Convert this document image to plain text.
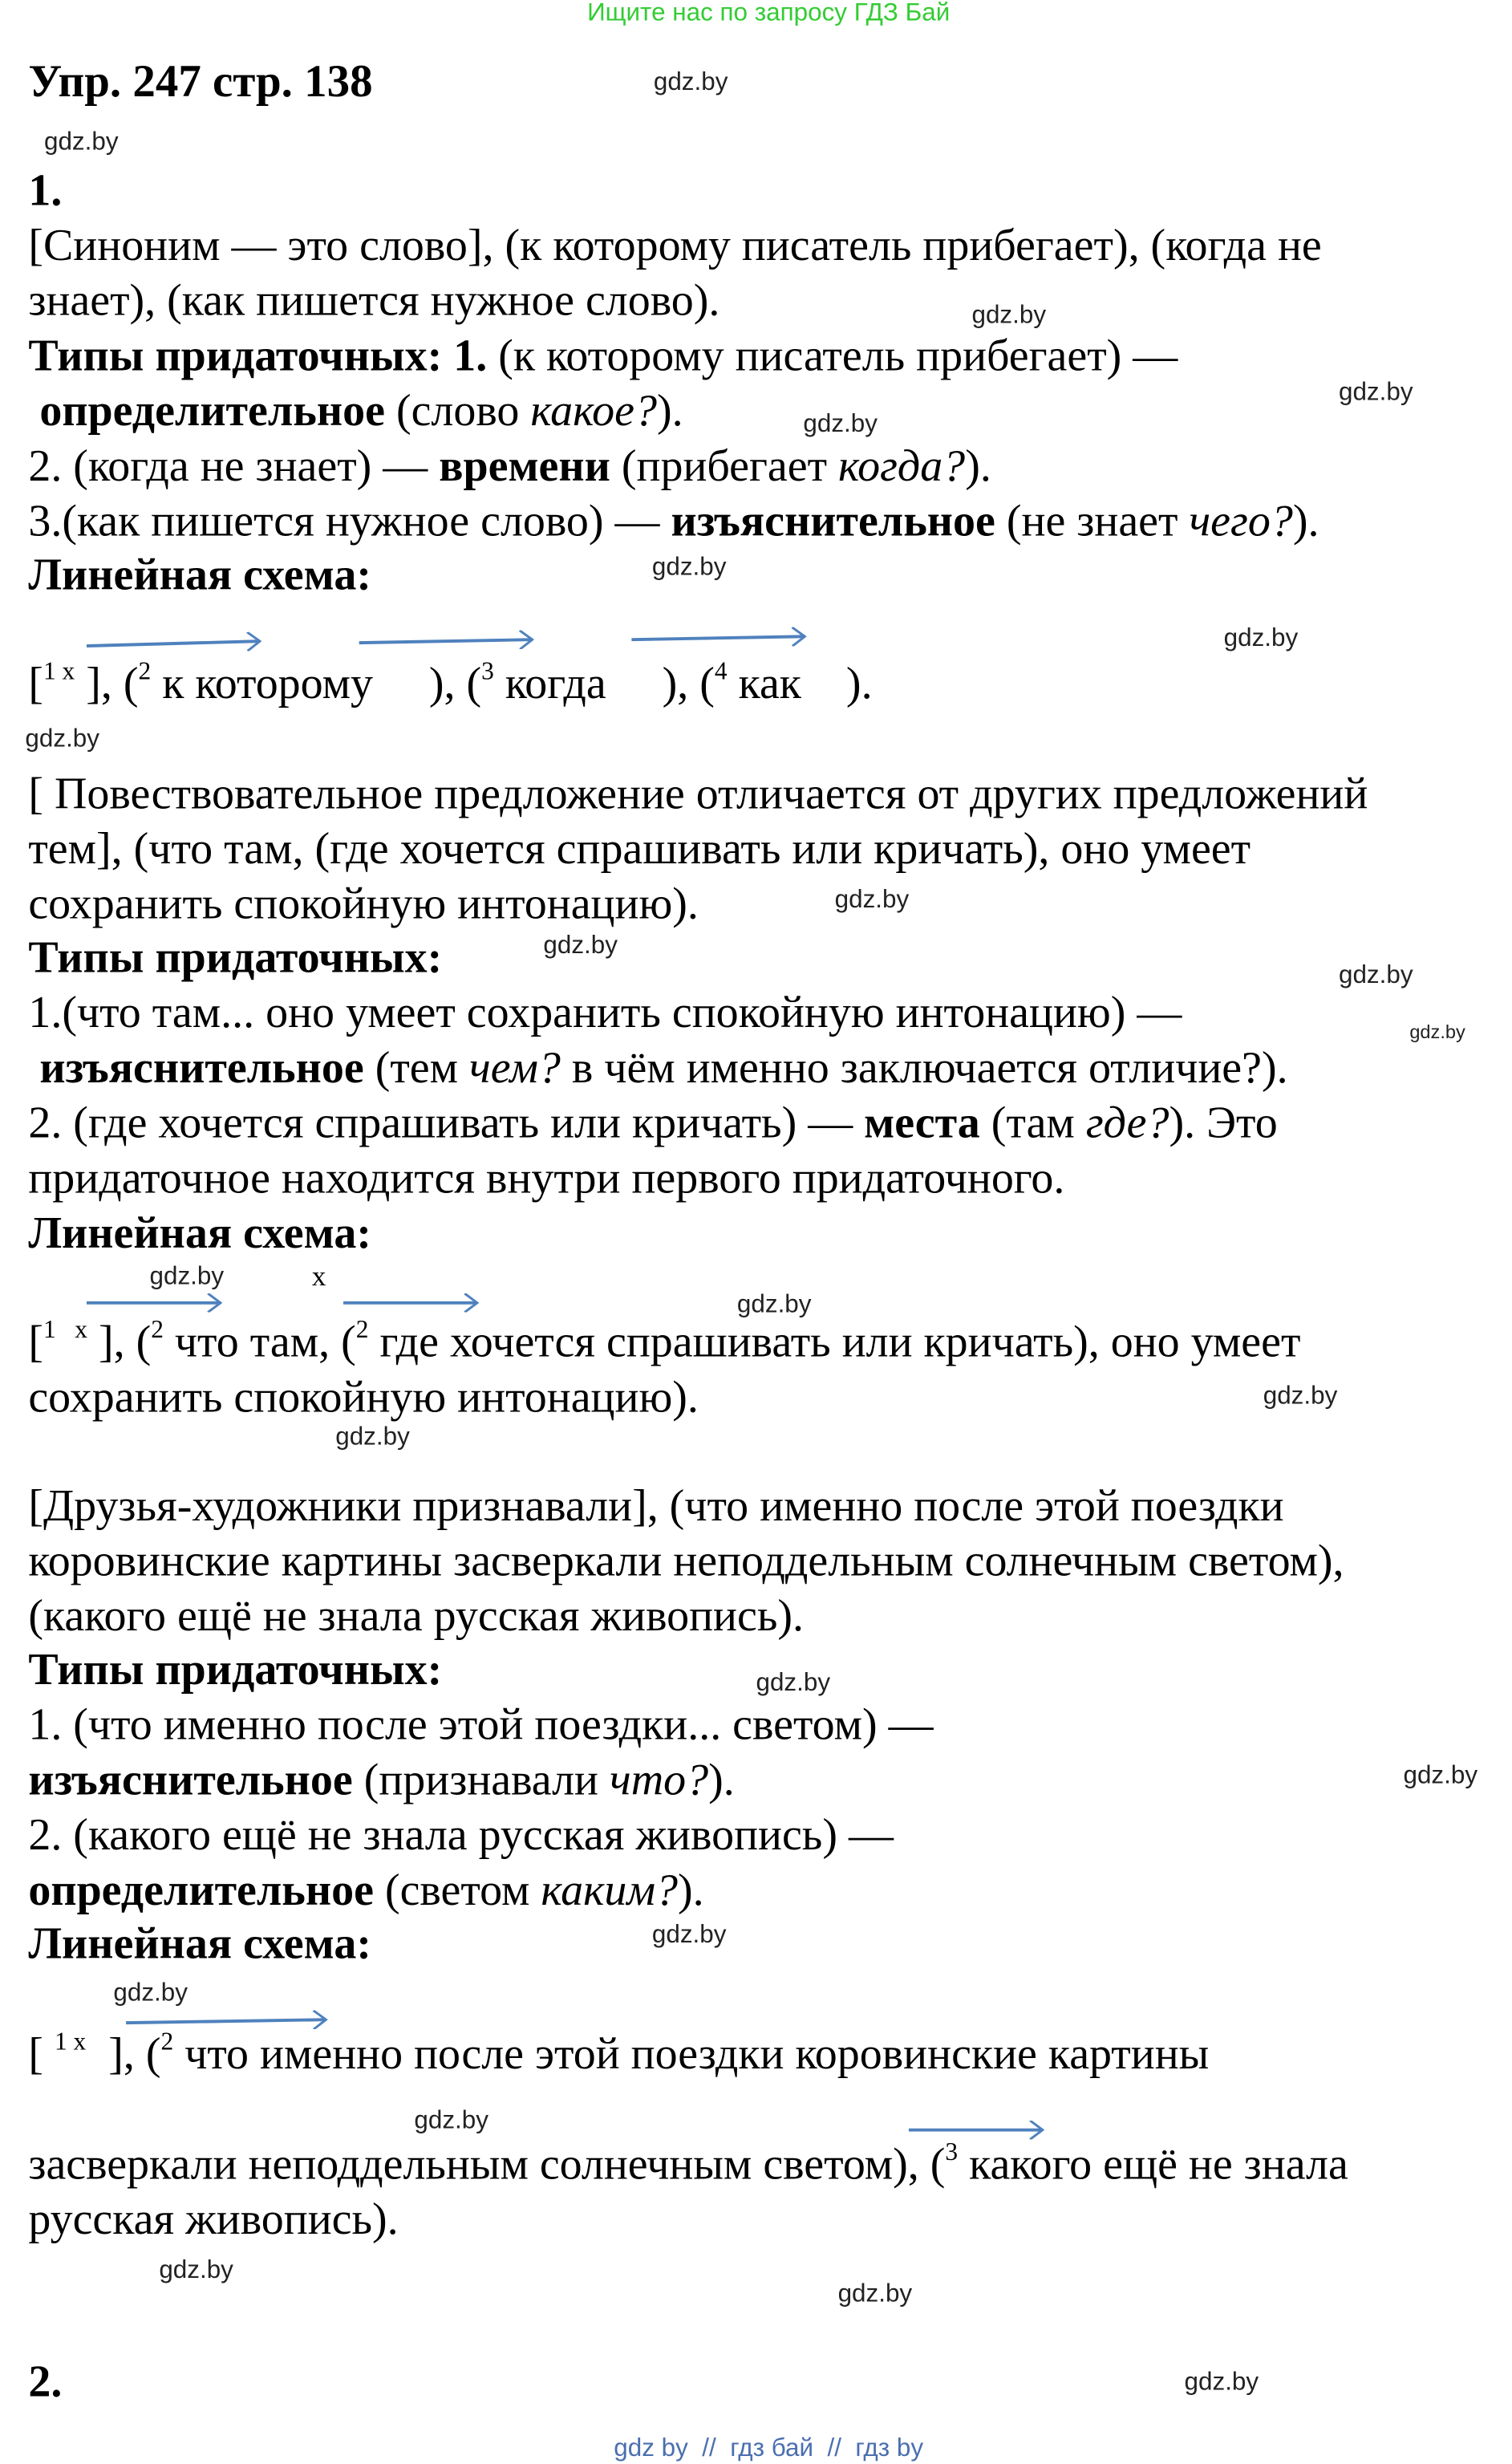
Ищите нас по запросу ГДЗ Бай
Упр. 247 стр. 138
1.
[Синоним — это слово], (к которому писатель прибегает), (когда не
знает), (как пишется нужное слово).
Типы придаточных: 1. (к которому писатель прибегает) —
определительное (слово какое?).
2. (когда не знает) — времени (прибегает когда?).
3.(как пишется нужное слово) — изъяснительное (не знает чего?).
Линейная схема:
[$^{1 x}$ ], ($^2$ к которому     ), ($^3$ когда     ), ($^4$ как    ).
[ Повествовательное предложение отличается от других предложений
тем], (что там, (где хочется спрашивать или кричать), оно умеет
сохранить спокойную интонацию).
Типы придаточных:
1.(что там... оно умеет сохранить спокойную интонацию) —
изъяснительное (тем чем? в чём именно заключается отличие?).
2. (где хочется спрашивать или кричать) — места (там где?). Это
придаточное находится внутри первого придаточного.
Линейная схема:
[$^{1 x}$ ], ($^2$ что там, ($^2$ где хочется спрашивать или кричать), оно умеет
сохранить спокойную интонацию).
[Друзья-художники признавали], (что именно после этой поездки
коровинские картины засверкали неподдельным солнечным светом),
(какого ещё не знала русская живопись).
Типы придаточных:
1. (что именно после этой поездки... светом) —
изъяснительное (признавали что?).
2. (какого ещё не знала русская живопись) —
определительное (светом каким?).
Линейная схема:
[ $^{1 x}$  ], ($^2$ что именно после этой поездки коровинские картины
засверкали неподдельным солнечным светом), ($^3$ какого ещё не знала
русская живопись).
2.
x
gdz.by
gdz.by
gdz.by
gdz.by
gdz.by
gdz.by
gdz.by
gdz.by
gdz.by
gdz.by
gdz.by
gdz.by
gdz.by
gdz.by
gdz.by
gdz.by
gdz.by
gdz.by
gdz.by
gdz.by
gdz.by
gdz.by
gdz.by
gdz.by
gdz by  //  гдз бай  //  гдз by
